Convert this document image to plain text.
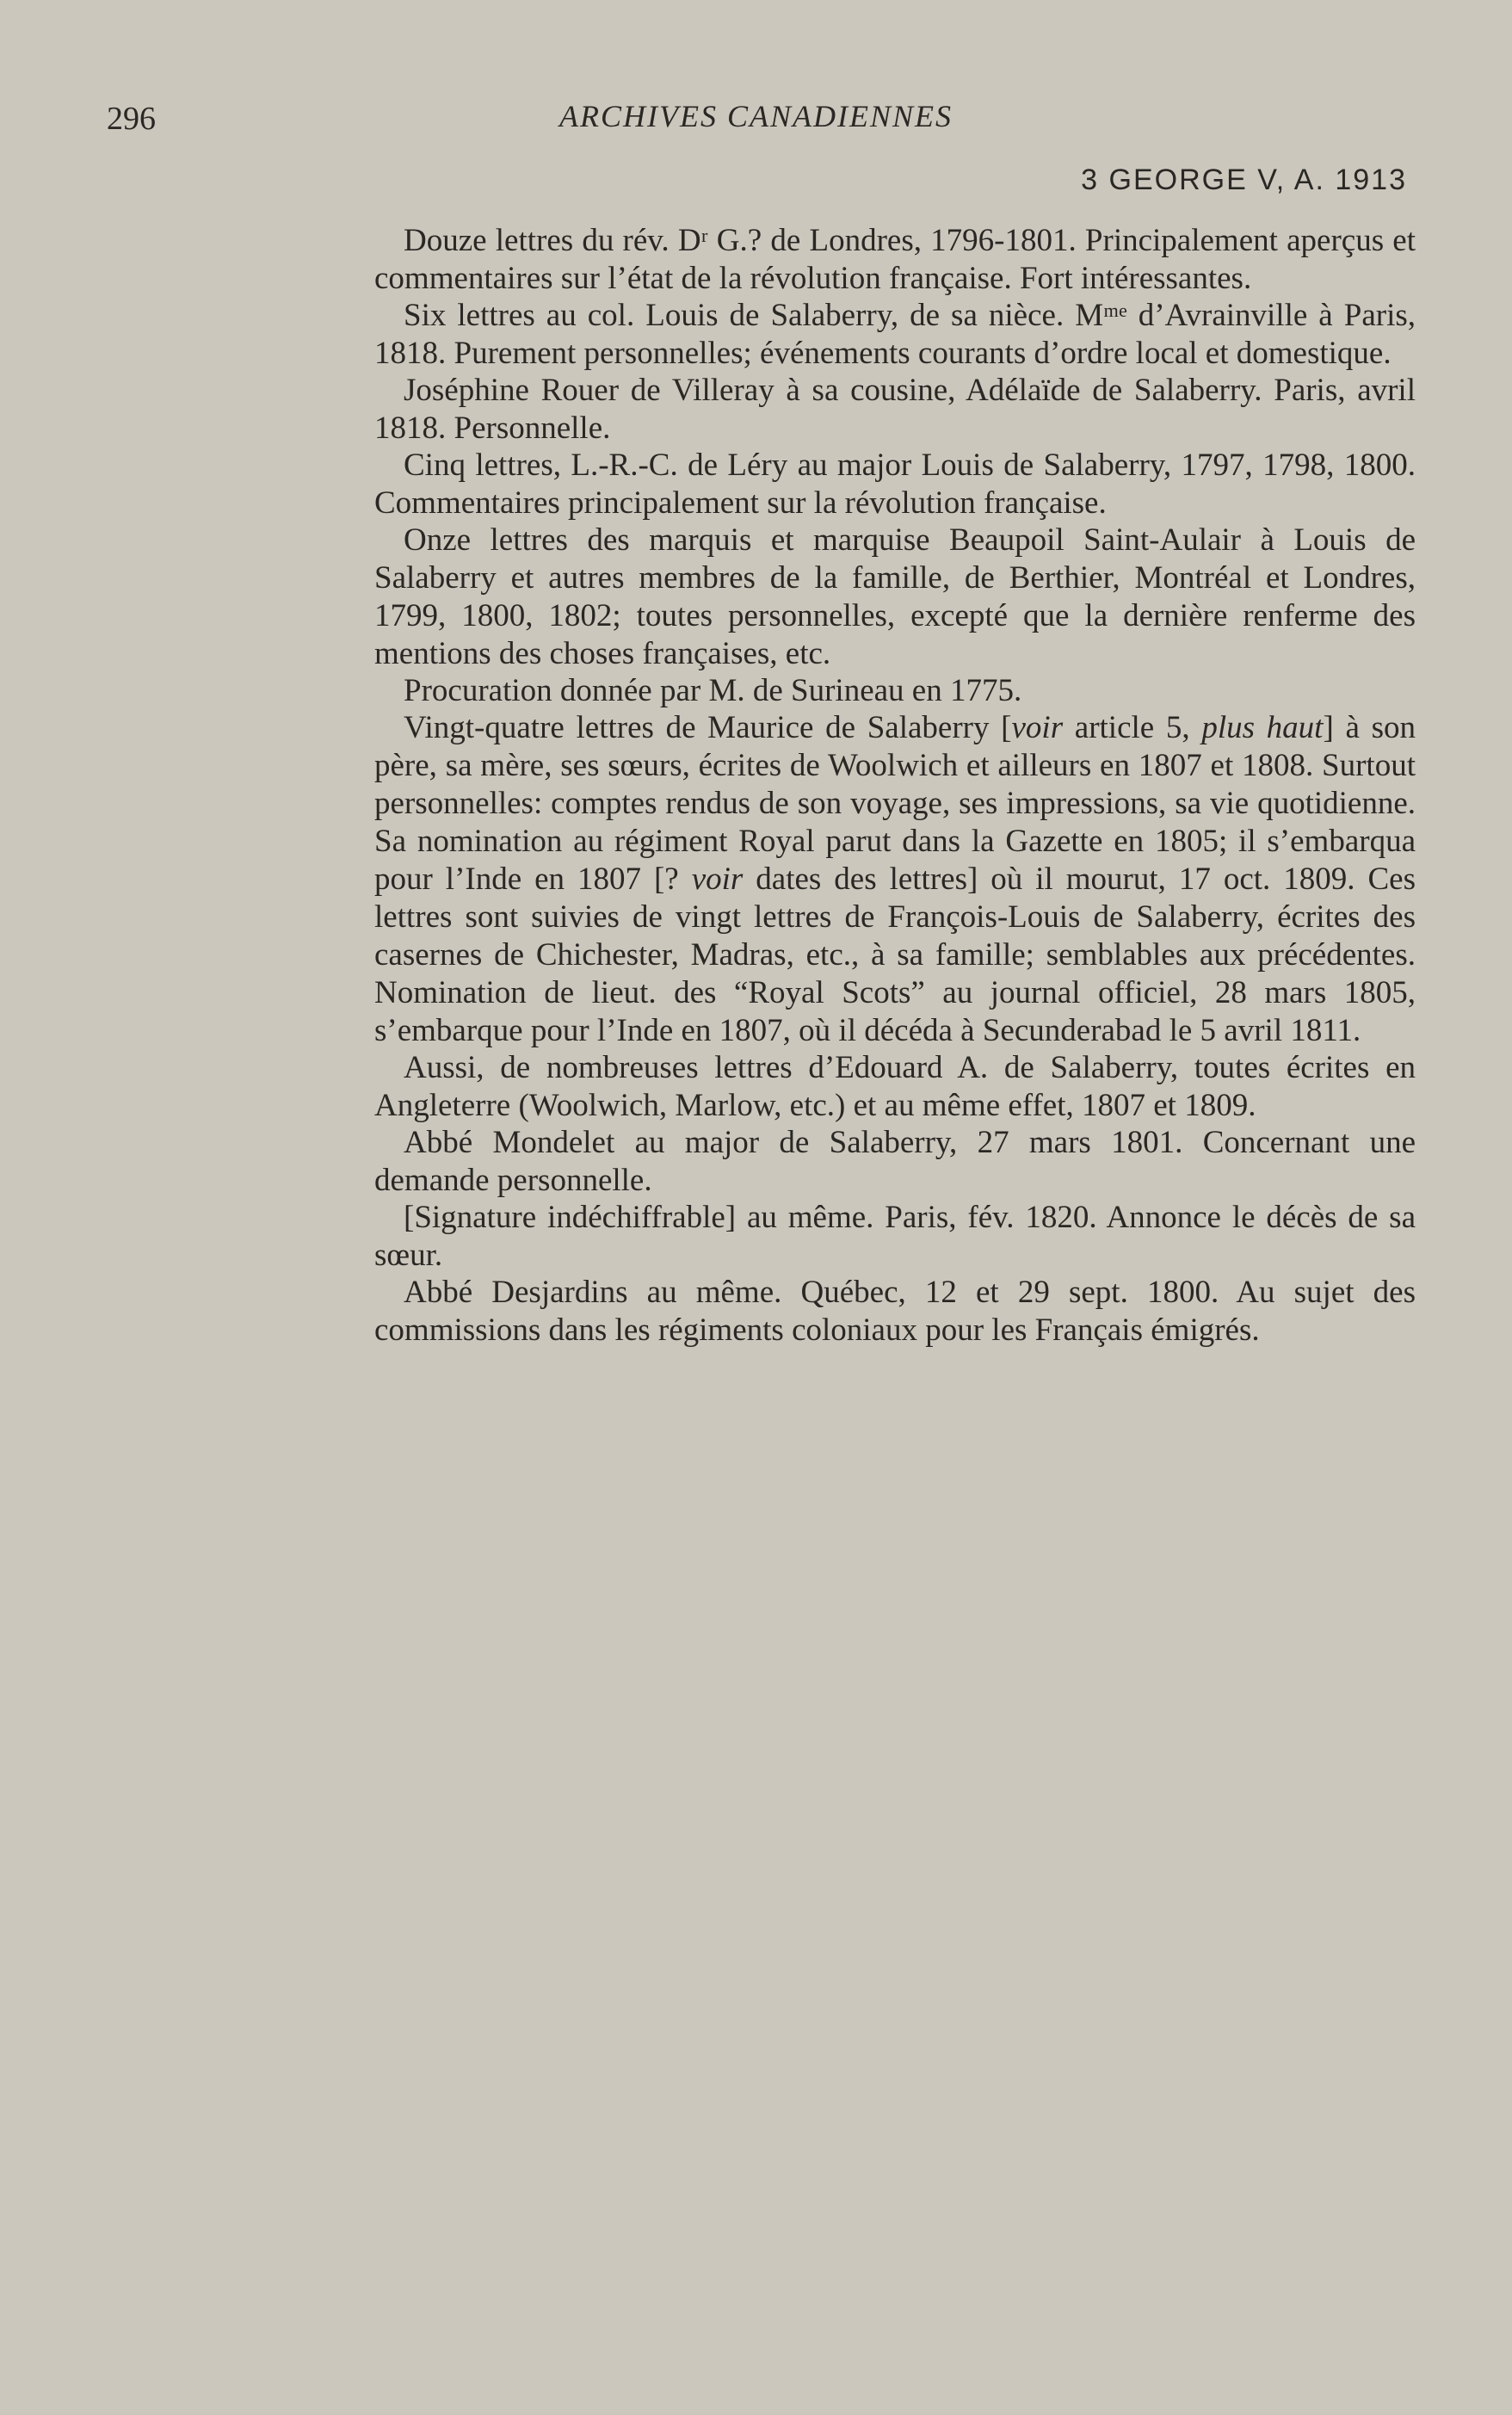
296	ARCHIVES CANADIENNES
3 GEORGE V, A. 1913

Douze lettres du rév. Dʳ G.? de Londres, 1796-1801. Principalement aperçus et commentaires sur l’état de la révolution française. Fort intéressantes.

Six lettres au col. Louis de Salaberry, de sa nièce. Mᵐᵉ d’Avrainville à Paris, 1818. Purement personnelles; événements courants d’ordre local et domestique.

Joséphine Rouer de Villeray à sa cousine, Adélaïde de Salaberry. Paris, avril 1818. Personnelle.

Cinq lettres, L.-R.-C. de Léry au major Louis de Salaberry, 1797, 1798, 1800. Commentaires principalement sur la révolution française.

Onze lettres des marquis et marquise Beaupoil Saint-Aulair à Louis de Salaberry et autres membres de la famille, de Berthier, Montréal et Londres, 1799, 1800, 1802; toutes personnelles, excepté que la dernière renferme des mentions des choses françaises, etc.

Procuration donnée par M. de Surineau en 1775.

Vingt-quatre lettres de Maurice de Salaberry [voir article 5, plus haut] à son père, sa mère, ses sœurs, écrites de Woolwich et ailleurs en 1807 et 1808. Surtout personnelles: comptes rendus de son voyage, ses impressions, sa vie quotidienne. Sa nomination au régiment Royal parut dans la Gazette en 1805; il s’embarqua pour l’Inde en 1807 [? voir dates des lettres] où il mourut, 17 oct. 1809. Ces lettres sont suivies de vingt lettres de François-Louis de Salaberry, écrites des casernes de Chichester, Madras, etc., à sa famille; semblables aux précédentes. Nomination de lieut. des “Royal Scots” au journal officiel, 28 mars 1805, s’embarque pour l’Inde en 1807, où il décéda à Secunderabad le 5 avril 1811.

Aussi, de nombreuses lettres d’Edouard A. de Salaberry, toutes écrites en Angleterre (Woolwich, Marlow, etc.) et au même effet, 1807 et 1809.

Abbé Mondelet au major de Salaberry, 27 mars 1801. Concernant une demande personnelle.

[Signature indéchiffrable] au même. Paris, fév. 1820. Annonce le décès de sa sœur.

Abbé Desjardins au même. Québec, 12 et 29 sept. 1800. Au sujet des commissions dans les régiments coloniaux pour les Français émigrés.
